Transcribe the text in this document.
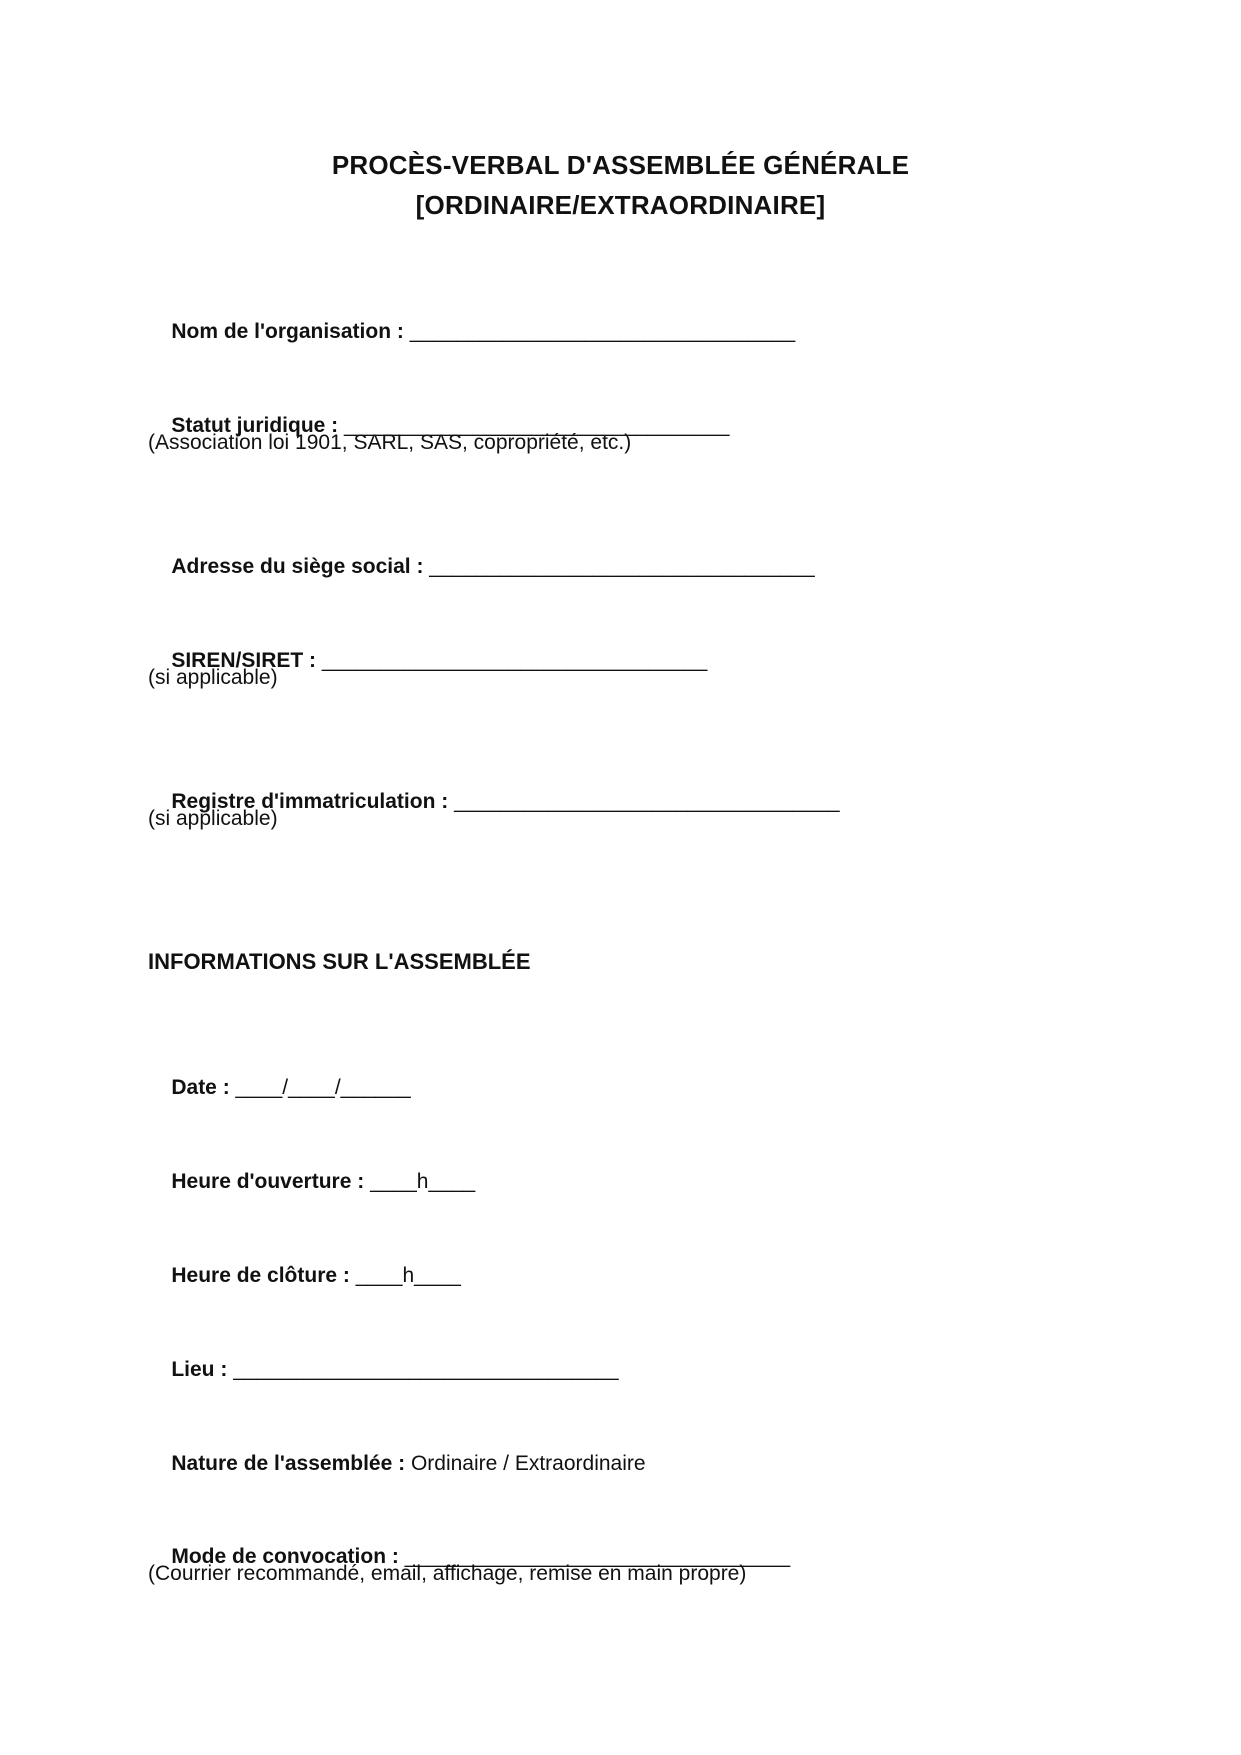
PROCÈS-VERBAL D'ASSEMBLÉE GÉNÉRALE
[ORDINAIRE/EXTRAORDINAIRE]

Nom de l'organisation : _________________________________

Statut juridique : _________________________________

(Association loi 1901, SARL, SAS, copropriété, etc.)

Adresse du siège social : _________________________________

SIREN/SIRET : _________________________________

(si applicable)

Registre d'immatriculation : _________________________________

(si applicable)
INFORMATIONS SUR L'ASSEMBLÉE

Date : ____/____/______

Heure d'ouverture : ____h____

Heure de clôture : ____h____

Lieu : _________________________________

Nature de l'assemblée : Ordinaire / Extraordinaire

Mode de convocation : _________________________________

(Courrier recommandé, email, affichage, remise en main propre)
